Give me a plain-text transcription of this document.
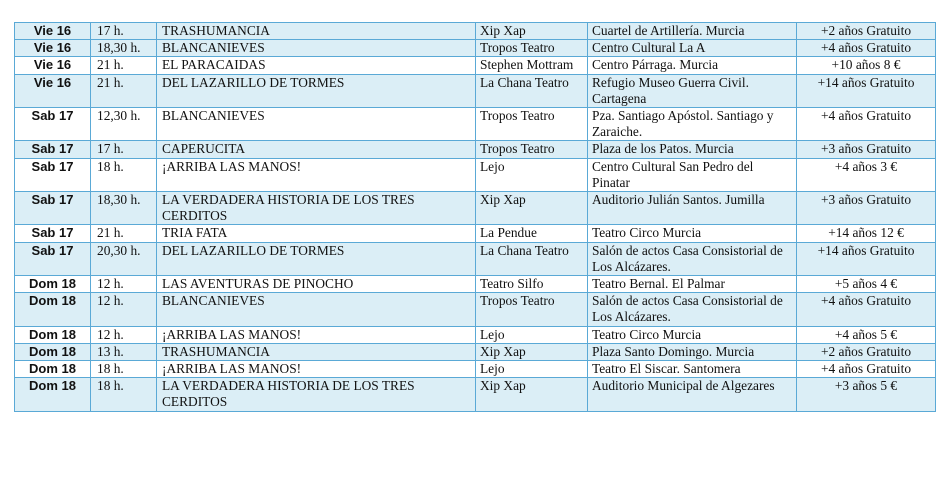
Vie 16	17 h.	TRASHUMANCIA	Xip Xap	Cuartel de Artillería. Murcia	+2 años Gratuito
Vie 16	18,30 h.	BLANCANIEVES	Tropos Teatro	Centro Cultural La A	+4 años Gratuito
Vie 16	21 h.	EL PARACAIDAS	Stephen Mottram	Centro Párraga. Murcia	+10 años 8 €
Vie 16	21 h.	DEL LAZARILLO DE TORMES	La Chana Teatro	Refugio Museo Guerra Civil. Cartagena	+14 años Gratuito
Sab 17	12,30 h.	BLANCANIEVES	Tropos Teatro	Pza. Santiago Apóstol. Santiago y Zaraiche.	+4 años Gratuito
Sab 17	17 h.	CAPERUCITA	Tropos Teatro	Plaza de los Patos. Murcia	+3 años Gratuito
Sab 17	18 h.	¡ARRIBA LAS MANOS!	Lejo	Centro Cultural San Pedro del Pinatar	+4 años 3 €
Sab 17	18,30 h.	LA VERDADERA HISTORIA DE LOS TRES CERDITOS	Xip Xap	Auditorio Julián Santos. Jumilla	+3 años Gratuito
Sab 17	21 h.	TRIA FATA	La Pendue	Teatro Circo Murcia	+14 años 12 €
Sab 17	20,30 h.	DEL LAZARILLO DE TORMES	La Chana Teatro	Salón de actos Casa Consistorial de Los Alcázares.	+14 años Gratuito
Dom 18	12 h.	LAS AVENTURAS DE PINOCHO	Teatro Silfo	Teatro Bernal. El Palmar	+5 años 4 €
Dom 18	12 h.	BLANCANIEVES	Tropos Teatro	Salón de actos Casa Consistorial de Los Alcázares.	+4 años Gratuito
Dom 18	12 h.	¡ARRIBA LAS MANOS!	Lejo	Teatro Circo Murcia	+4 años 5 €
Dom 18	13 h.	TRASHUMANCIA	Xip Xap	Plaza Santo Domingo. Murcia	+2 años Gratuito
Dom 18	18 h.	¡ARRIBA LAS MANOS!	Lejo	Teatro El Siscar. Santomera	+4 años Gratuito
Dom 18	18 h.	LA VERDADERA HISTORIA DE LOS TRES CERDITOS	Xip Xap	Auditorio Municipal de Algezares	+3 años 5 €
